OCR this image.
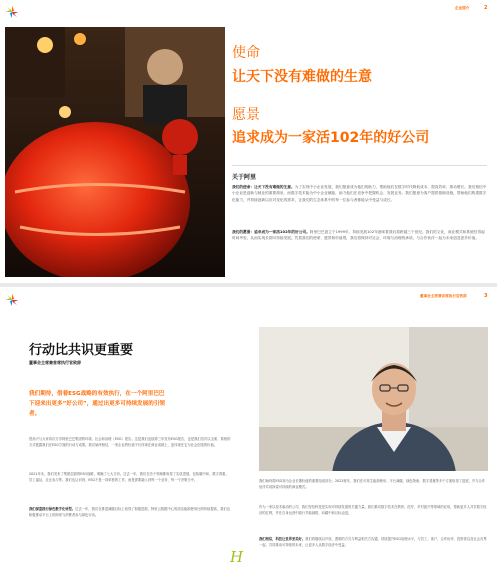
企业简介	2
使命
让天下没有难做的生意
愿景
追求成为一家活102年的好公司
关于阿里
我们的使命：让天下没有难做的生意。为了实现中小企业发展，我们愿意成为他们的助力，帮助他们在数字时代降低成本、提高效率、推动增长。我们相信中小企业是创新与就业的重要源泉，而数字技术能为中小企业赋能，助力他们在竞争中把握机会、发展业务。我们愿意为客户提供基础设施，帮助他们构建数字化能力，并持续创新以应对变化的需求，让我们的生态体系中的每一位参与者都能从中受益与成长。
我们的愿景：追求成为一家活102年的好公司。阿里巴巴创立于1999年，持续发展102年意味着我们将跨越三个世纪。我们的文化、商业模式和系统经得起时间考验，从而实现长期可持续发展。凭着我们的使命、愿景和价值观，我们将保持对社会、环境与治理的承诺，与合作伙伴一起为未来创造更多价值。
董事会主席兼首席执行官致辞	3
行动比共识更重要
董事会主席兼首席执行官致辞
我们期待，借着ESG战略的有效执行，在一个阿里巴巴下迎来出更多“好公司”，通过出更多可持续发展的引领者。
很高兴与大家再次分享阿里巴巴集团的环境、社会和治理（ESG）报告。这是我们连续第三年发布ESG报告，也是我们首次以全面、系统的方式披露我们在ESG方面的行动与成果。我们始终相信，一家企业的价值不仅体现在商业成就上，更体现在它为社会创造的价值。
2021年末，我们发布了集团层面的ESG战略，明确了七大方向。过去一年，我们在各个领域都取得了实质进展，包括碳中和、数字普惠、员工福祉、社区参与等。我们也认识到，ESG不是一项单独的工作，而是需要融入到每一个业务、每一个决策当中。
我们深度践行绿色数字化转型。过去一年，我们在推进减碳目标上取得了积极进展，阿里云数据中心的清洁能源使用比例持续提高，我们也积极推动平台上的商家与消费者参与绿色行动。
我们始终将ESG视为企业长期价值的重要组成部分。2022财年，我们在可再生能源使用、平台减碳、绿色物流、数字普惠等多个方面取得了进展，并与合作伙伴共同探索可持续的商业模式。
作为一家以技术驱动的公司，我们坚信科技是实现可持续发展的关键力量。我们推动数字技术在教育、医疗、乡村振兴等领域的应用，帮助更多人共享数字经济的红利，并在自身运营中践行节能减排，向碳中和目标迈进。
我们相信，科技让世界更美好。我们将继续以开放、透明的方式与利益相关方沟通，持续提升ESG治理水平，与员工、客户、合作伙伴、投资者以及社会各界一起，共同推动可持续的未来，让更多人从数字经济中受益。
H
